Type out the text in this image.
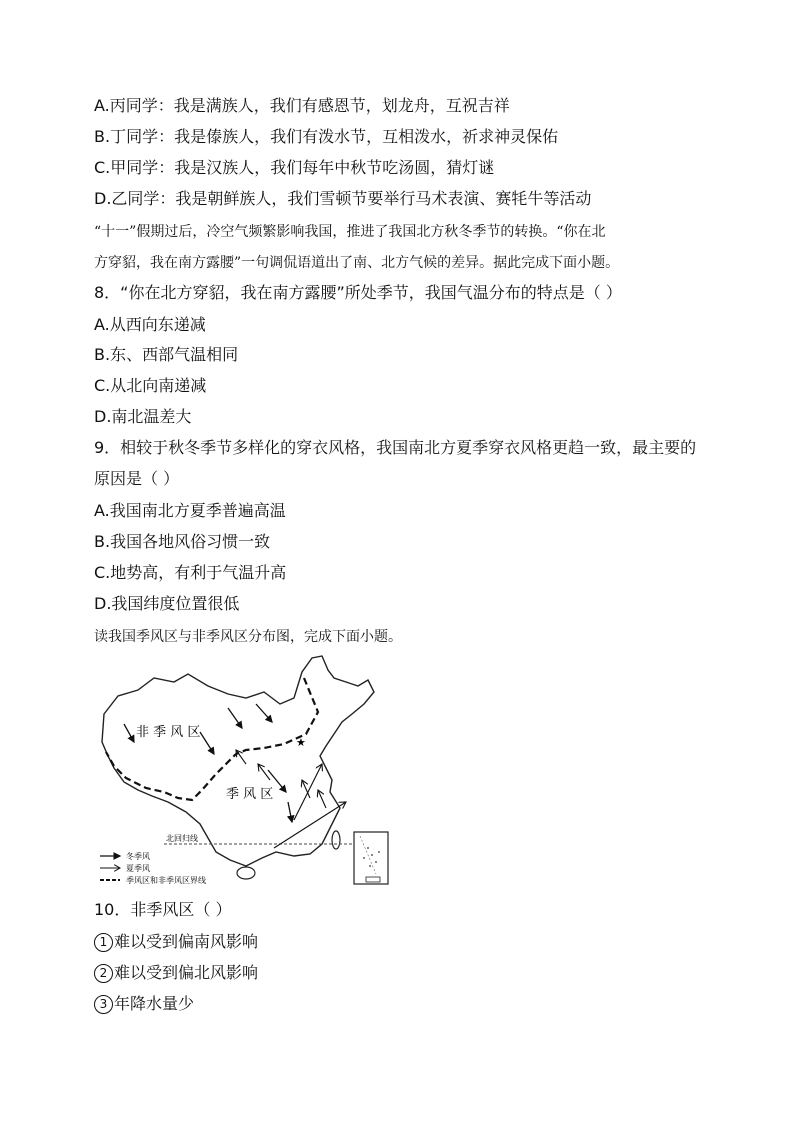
A.丙同学：我是满族人，我们有感恩节，划龙舟，互祝吉祥
B.丁同学：我是傣族人，我们有泼水节，互相泼水，祈求神灵保佑
C.甲同学：我是汉族人，我们每年中秋节吃汤圆，猜灯谜
D.乙同学：我是朝鲜族人，我们雪顿节要举行马术表演、赛牦牛等活动
“十一”假期过后，冷空气频繁影响我国，推进了我国北方秋冬季节的转换。“你在北
方穿貂，我在南方露腰”一句调侃语道出了南、北方气候的差异。据此完成下面小题。
8．“你在北方穿貂，我在南方露腰”所处季节，我国气温分布的特点是（ ）
A.从西向东递减
B.东、西部气温相同
C.从北向南递减
D.南北温差大
9．相较于秋冬季节多样化的穿衣风格，我国南北方夏季穿衣风格更趋一致，最主要的
原因是（ ）
A.我国南北方夏季普遍高温
B.我国各地风俗习惯一致
C.地势高，有利于气温升高
D.我国纬度位置很低
读我国季风区与非季风区分布图，完成下面小题。
★
非 季 风 区
季 风 区
北回归线
冬季风
夏季风
季风区和非季风区界线
10．非季风区（ ）
1 难以受到偏南风影响
2 难以受到偏北风影响
3 年降水量少
